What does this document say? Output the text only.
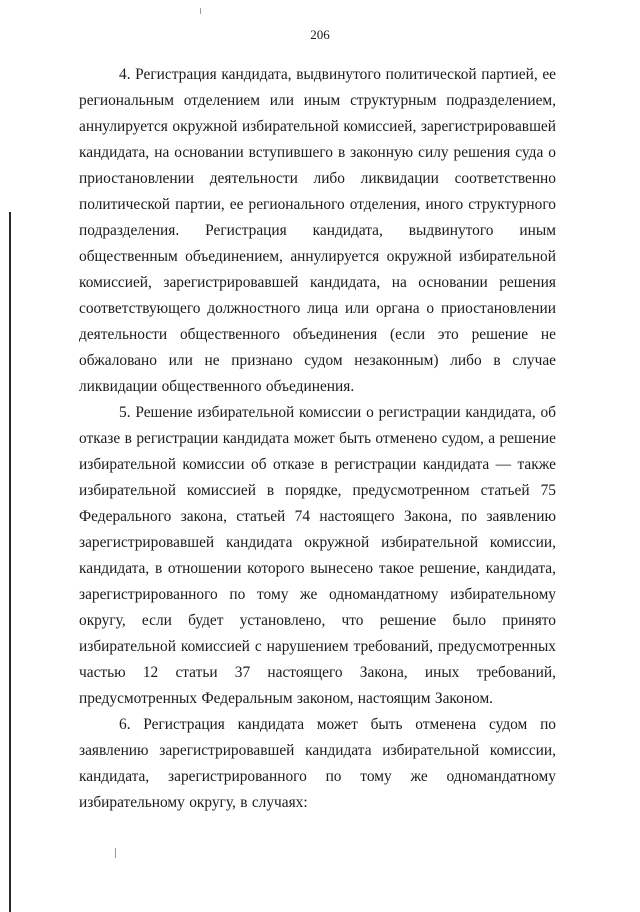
206

4. Регистрация кандидата, выдвинутого политической партией, ее региональным отделением или иным структурным подразделением, аннулируется окружной избирательной комиссией, зарегистрировавшей кандидата, на основании вступившего в законную силу решения суда о приостановлении деятельности либо ликвидации соответственно политической партии, ее регионального отделения, иного структурного подразделения. Регистрация кандидата, выдвинутого иным общественным объединением, аннулируется окружной избирательной комиссией, зарегистрировавшей кандидата, на основании решения соответствующего должностного лица или органа о приостановлении деятельности общественного объединения (если это решение не обжаловано или не признано судом незаконным) либо в случае ликвидации общественного объединения.

5. Решение избирательной комиссии о регистрации кандидата, об отказе в регистрации кандидата может быть отменено судом, а решение избирательной комиссии об отказе в регистрации кандидата — также избирательной комиссией в порядке, предусмотренном статьей 75 Федерального закона, статьей 74 настоящего Закона, по заявлению зарегистрировавшей кандидата окружной избирательной комиссии, кандидата, в отношении которого вынесено такое решение, кандидата, зарегистрированного по тому же одномандатному избирательному округу, если будет установлено, что решение было принято избирательной комиссией с нарушением требований, предусмотренных частью 12 статьи 37 настоящего Закона, иных требований, предусмотренных Федеральным законом, настоящим Законом.

6. Регистрация кандидата может быть отменена судом по заявлению зарегистрировавшей кандидата избирательной комиссии, кандидата, зарегистрированного по тому же одномандатному избирательному округу, в случаях:
